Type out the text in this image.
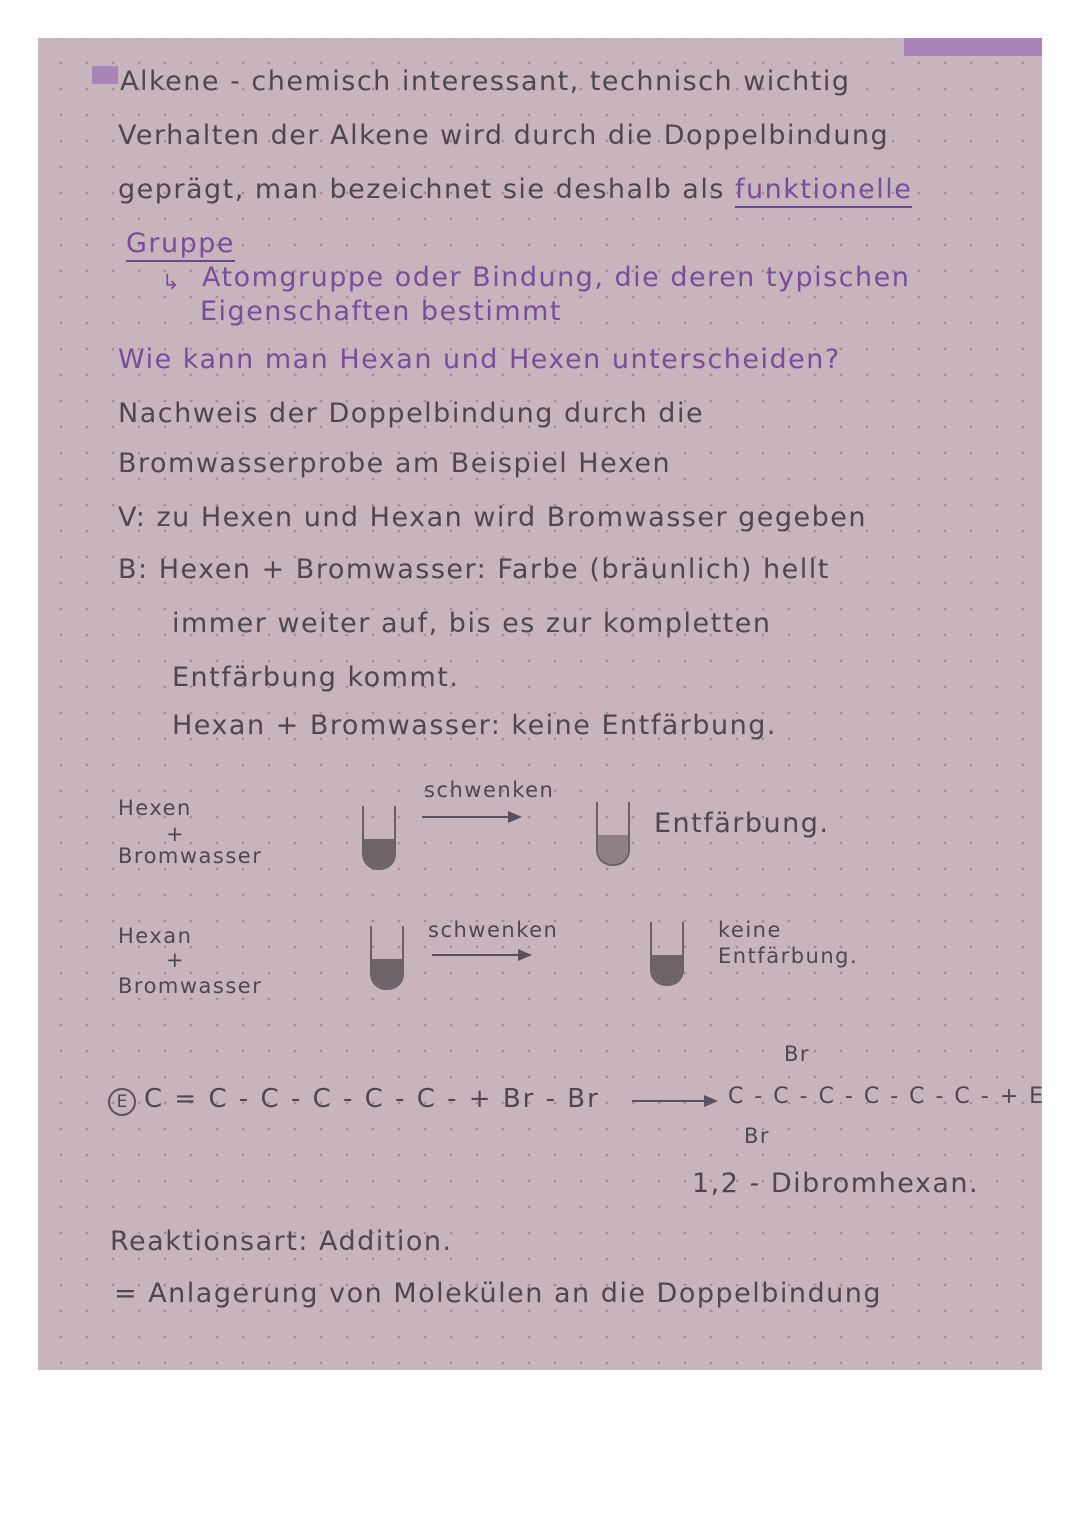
Alkene - chemisch interessant, technisch wichtig
Verhalten der Alkene wird durch die Doppelbindung
geprägt, man bezeichnet sie deshalb als funktionelle
Gruppe
↳ Atomgruppe oder Bindung, die deren typischen
Eigenschaften bestimmt
Wie kann man Hexan und Hexen unterscheiden?
Nachweis der Doppelbindung durch die
Bromwasserprobe am Beispiel Hexen
V: zu Hexen und Hexan wird Bromwasser gegeben
B: Hexen + Bromwasser: Farbe (bräunlich) hellt
immer weiter auf, bis es zur kompletten
Entfärbung kommt.
Hexan + Bromwasser: keine Entfärbung.
Hexen
+
Bromwasser
schwenken
Entfärbung.
Hexan
+
Bromwasser
schwenken	keine
Entfärbung.
E C = C - C - C - C - C - + Br - Br
Br
C - C - C - C - C - C - + E
Br
1,2 - Dibromhexan.
Reaktionsart: Addition.
= Anlagerung von Molekülen an die Doppelbindung
